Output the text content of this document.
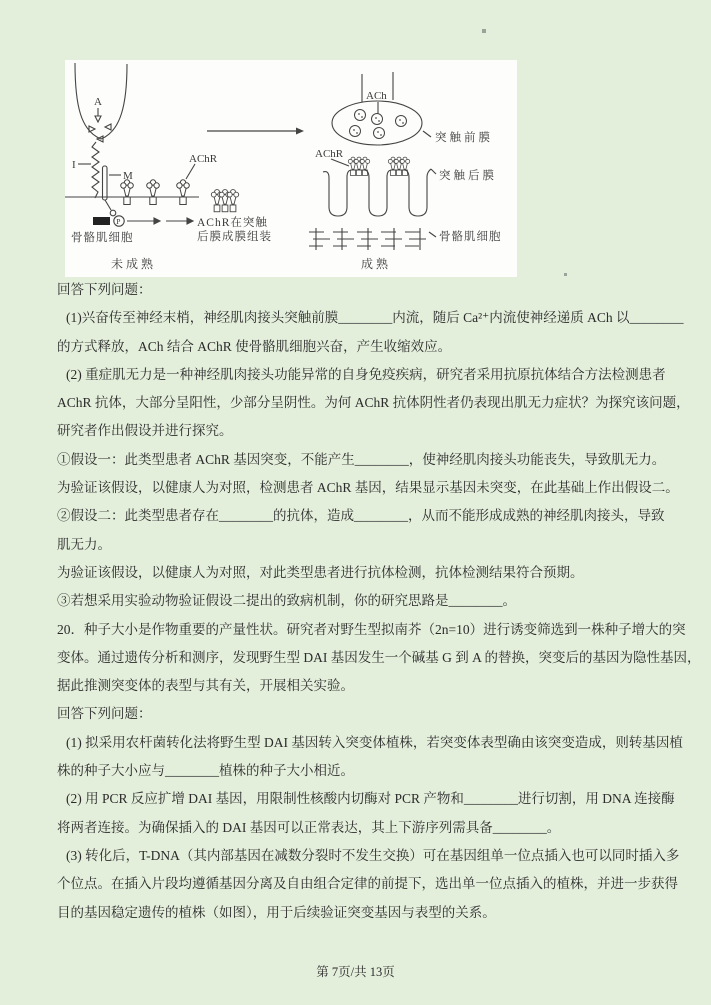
A
I
M
AChR
P	AChR在突触
后膜成膜组装
骨骼肌细胞
未成熟
ACh
AChR
突触前膜
突触后膜
骨骼肌细胞
成熟
回答下列问题：
(1)兴奋传至神经末梢，神经肌肉接头突触前膜________内流，随后 Ca²⁺内流使神经递质 ACh 以________
的方式释放，ACh 结合 AChR 使骨骼肌细胞兴奋，产生收缩效应。
(2) 重症肌无力是一种神经肌肉接头功能异常的自身免疫疾病，研究者采用抗原抗体结合方法检测患者
AChR 抗体，大部分呈阳性，少部分呈阴性。为何 AChR 抗体阴性者仍表现出肌无力症状？为探究该问题，
研究者作出假设并进行探究。
①假设一：此类型患者 AChR 基因突变，不能产生________，使神经肌肉接头功能丧失，导致肌无力。
为验证该假设，以健康人为对照，检测患者 AChR 基因，结果显示基因未突变，在此基础上作出假设二。
②假设二：此类型患者存在________的抗体，造成________，从而不能形成成熟的神经肌肉接头，导致
肌无力。
为验证该假设，以健康人为对照，对此类型患者进行抗体检测，抗体检测结果符合预期。
③若想采用实验动物验证假设二提出的致病机制，你的研究思路是________。
20．种子大小是作物重要的产量性状。研究者对野生型拟南芥（2n=10）进行诱变筛选到一株种子增大的突
变体。通过遗传分析和测序，发现野生型 DAI 基因发生一个碱基 G 到 A 的替换，突变后的基因为隐性基因，
据此推测突变体的表型与其有关，开展相关实验。
回答下列问题：
(1) 拟采用农杆菌转化法将野生型 DAI 基因转入突变体植株，若突变体表型确由该突变造成，则转基因植
株的种子大小应与________植株的种子大小相近。
(2) 用 PCR 反应扩增 DAI 基因，用限制性核酸内切酶对 PCR 产物和________进行切割，用 DNA 连接酶
将两者连接。为确保插入的 DAI 基因可以正常表达，其上下游序列需具备________。
(3) 转化后，T-DNA（其内部基因在减数分裂时不发生交换）可在基因组单一位点插入也可以同时插入多
个位点。在插入片段均遵循基因分离及自由组合定律的前提下，选出单一位点插入的植株，并进一步获得
目的基因稳定遗传的植株（如图），用于后续验证突变基因与表型的关系。
第 7页/共 13页
